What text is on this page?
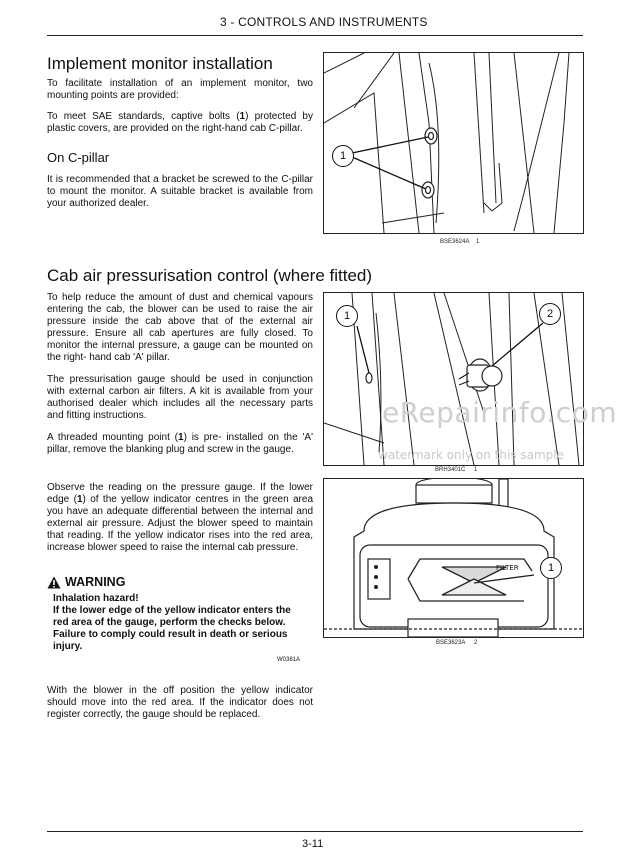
3 - CONTROLS AND INSTRUMENTS
Implement monitor installation

To facilitate installation of an implement monitor, two mounting points are provided:

To meet SAE standards, captive bolts (1) protected by plastic covers, are provided on the right-hand cab C-pillar.

On C-pillar

It is recommended that a bracket be screwed to the C-pillar to mount the monitor. A suitable bracket is available from your authorized dealer.

1
BSE3624A 1
Cab air pressurisation control (where fitted)

To help reduce the amount of dust and chemical vapours entering the cab, the blower can be used to raise the air pressure inside the cab above that of the external air pressure. Ensure all cab apertures are fully closed. To monitor the internal pressure, a gauge can be mounted on the right- hand cab 'A' pillar.

The pressurisation gauge should be used in conjunction with external carbon air filters. A kit is available from your authorised dealer which includes all the necessary parts and fitting instructions.

A threaded mounting point (1) is pre- installed on the 'A' pillar, remove the blanking plug and screw in the gauge.

1	2
BRH3401C 1
eRepairinfo.com
watermark only on this sample

Observe the reading on the pressure gauge. If the lower edge (1) of the yellow indicator centres in the green area you have an adequate differential between the internal and external air pressure. Adjust the blower speed to maintain that reading. If the yellow indicator rises into the red area, increase blower speed to raise the internal cab pressure.

WARNING
Inhalation hazard!
If the lower edge of the yellow indicator enters the red area of the gauge, perform the checks below.
Failure to comply could result in death or serious injury.
W0381A
FILTER	1
BSE3623A 2

With the blower in the off position the yellow indicator should move into the red area. If the indicator does not register correctly, the gauge should be replaced.

3-11
